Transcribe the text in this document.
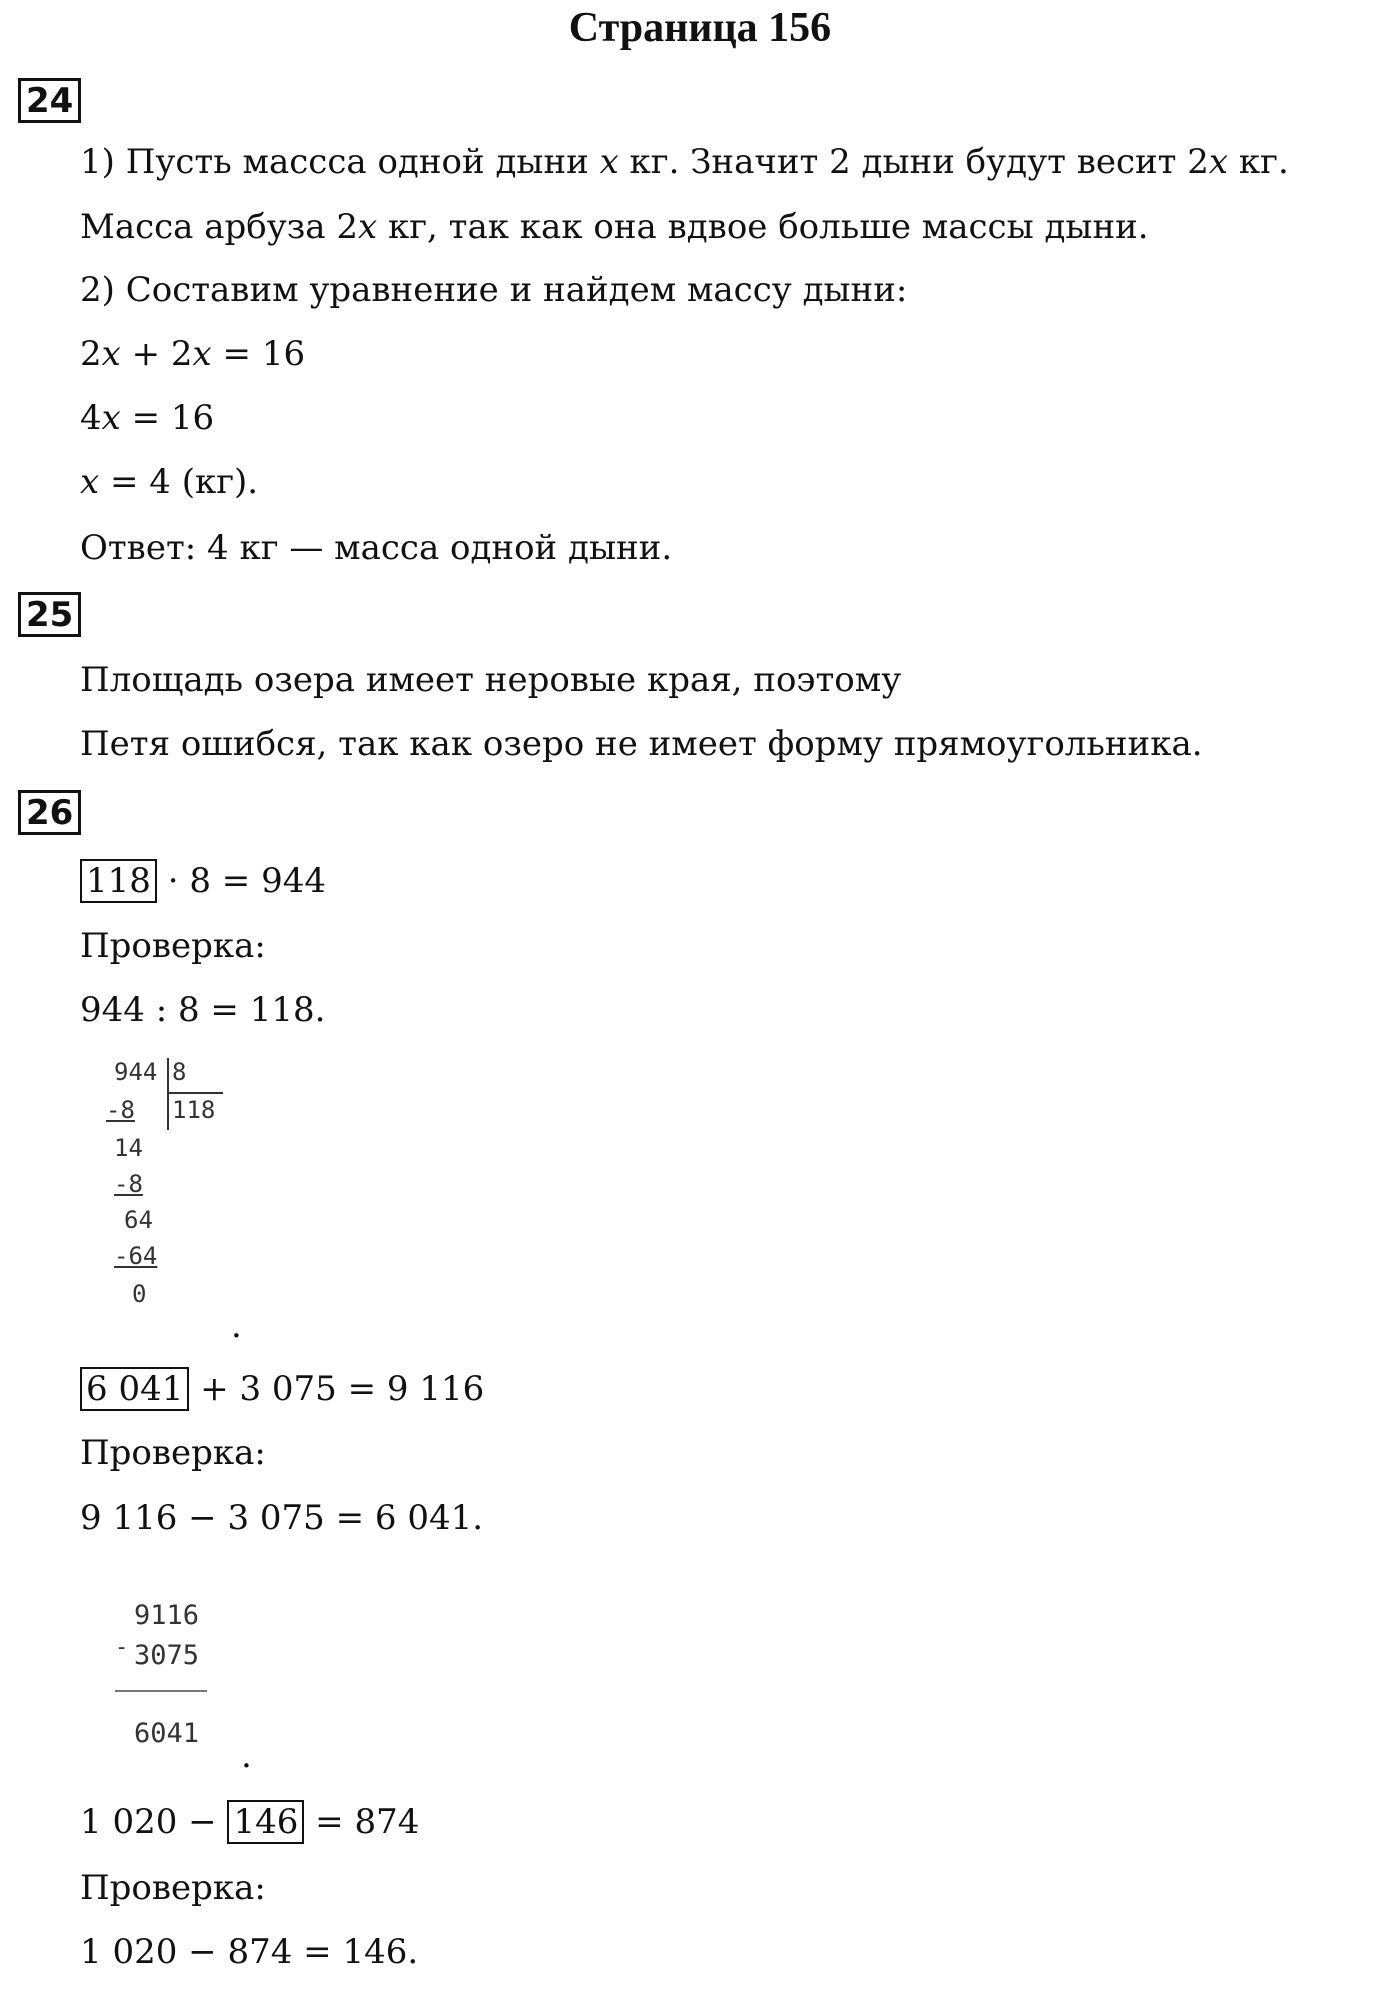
Страница 156
24
1) Пусть массса одной дыни 𝑥 кг. Значит 2 дыни будут весит 2𝑥 кг.
Масса арбуза 2𝑥 кг, так как она вдвое больше массы дыни.
2) Составим уравнение и найдем массу дыни:
2𝑥 + 2𝑥 = 16
4𝑥 = 16
𝑥 = 4 (кг).
Ответ: 4 кг — масса одной дыни.
25
Площадь озера имеет неровые края, поэтому
Петя ошибся, так как озеро не имеет форму прямоугольника.
26
118 · 8 = 944
Проверка:
944 : 8 = 118.
944 8
118
-8
14
-8
64
-64
0
.
6 041 + 3 075 = 9 116
Проверка:
9 116 − 3 075 = 6 041.
-
9116
3075
6041
.
1 020 − 146 = 874
Проверка:
1 020 − 874 = 146.
